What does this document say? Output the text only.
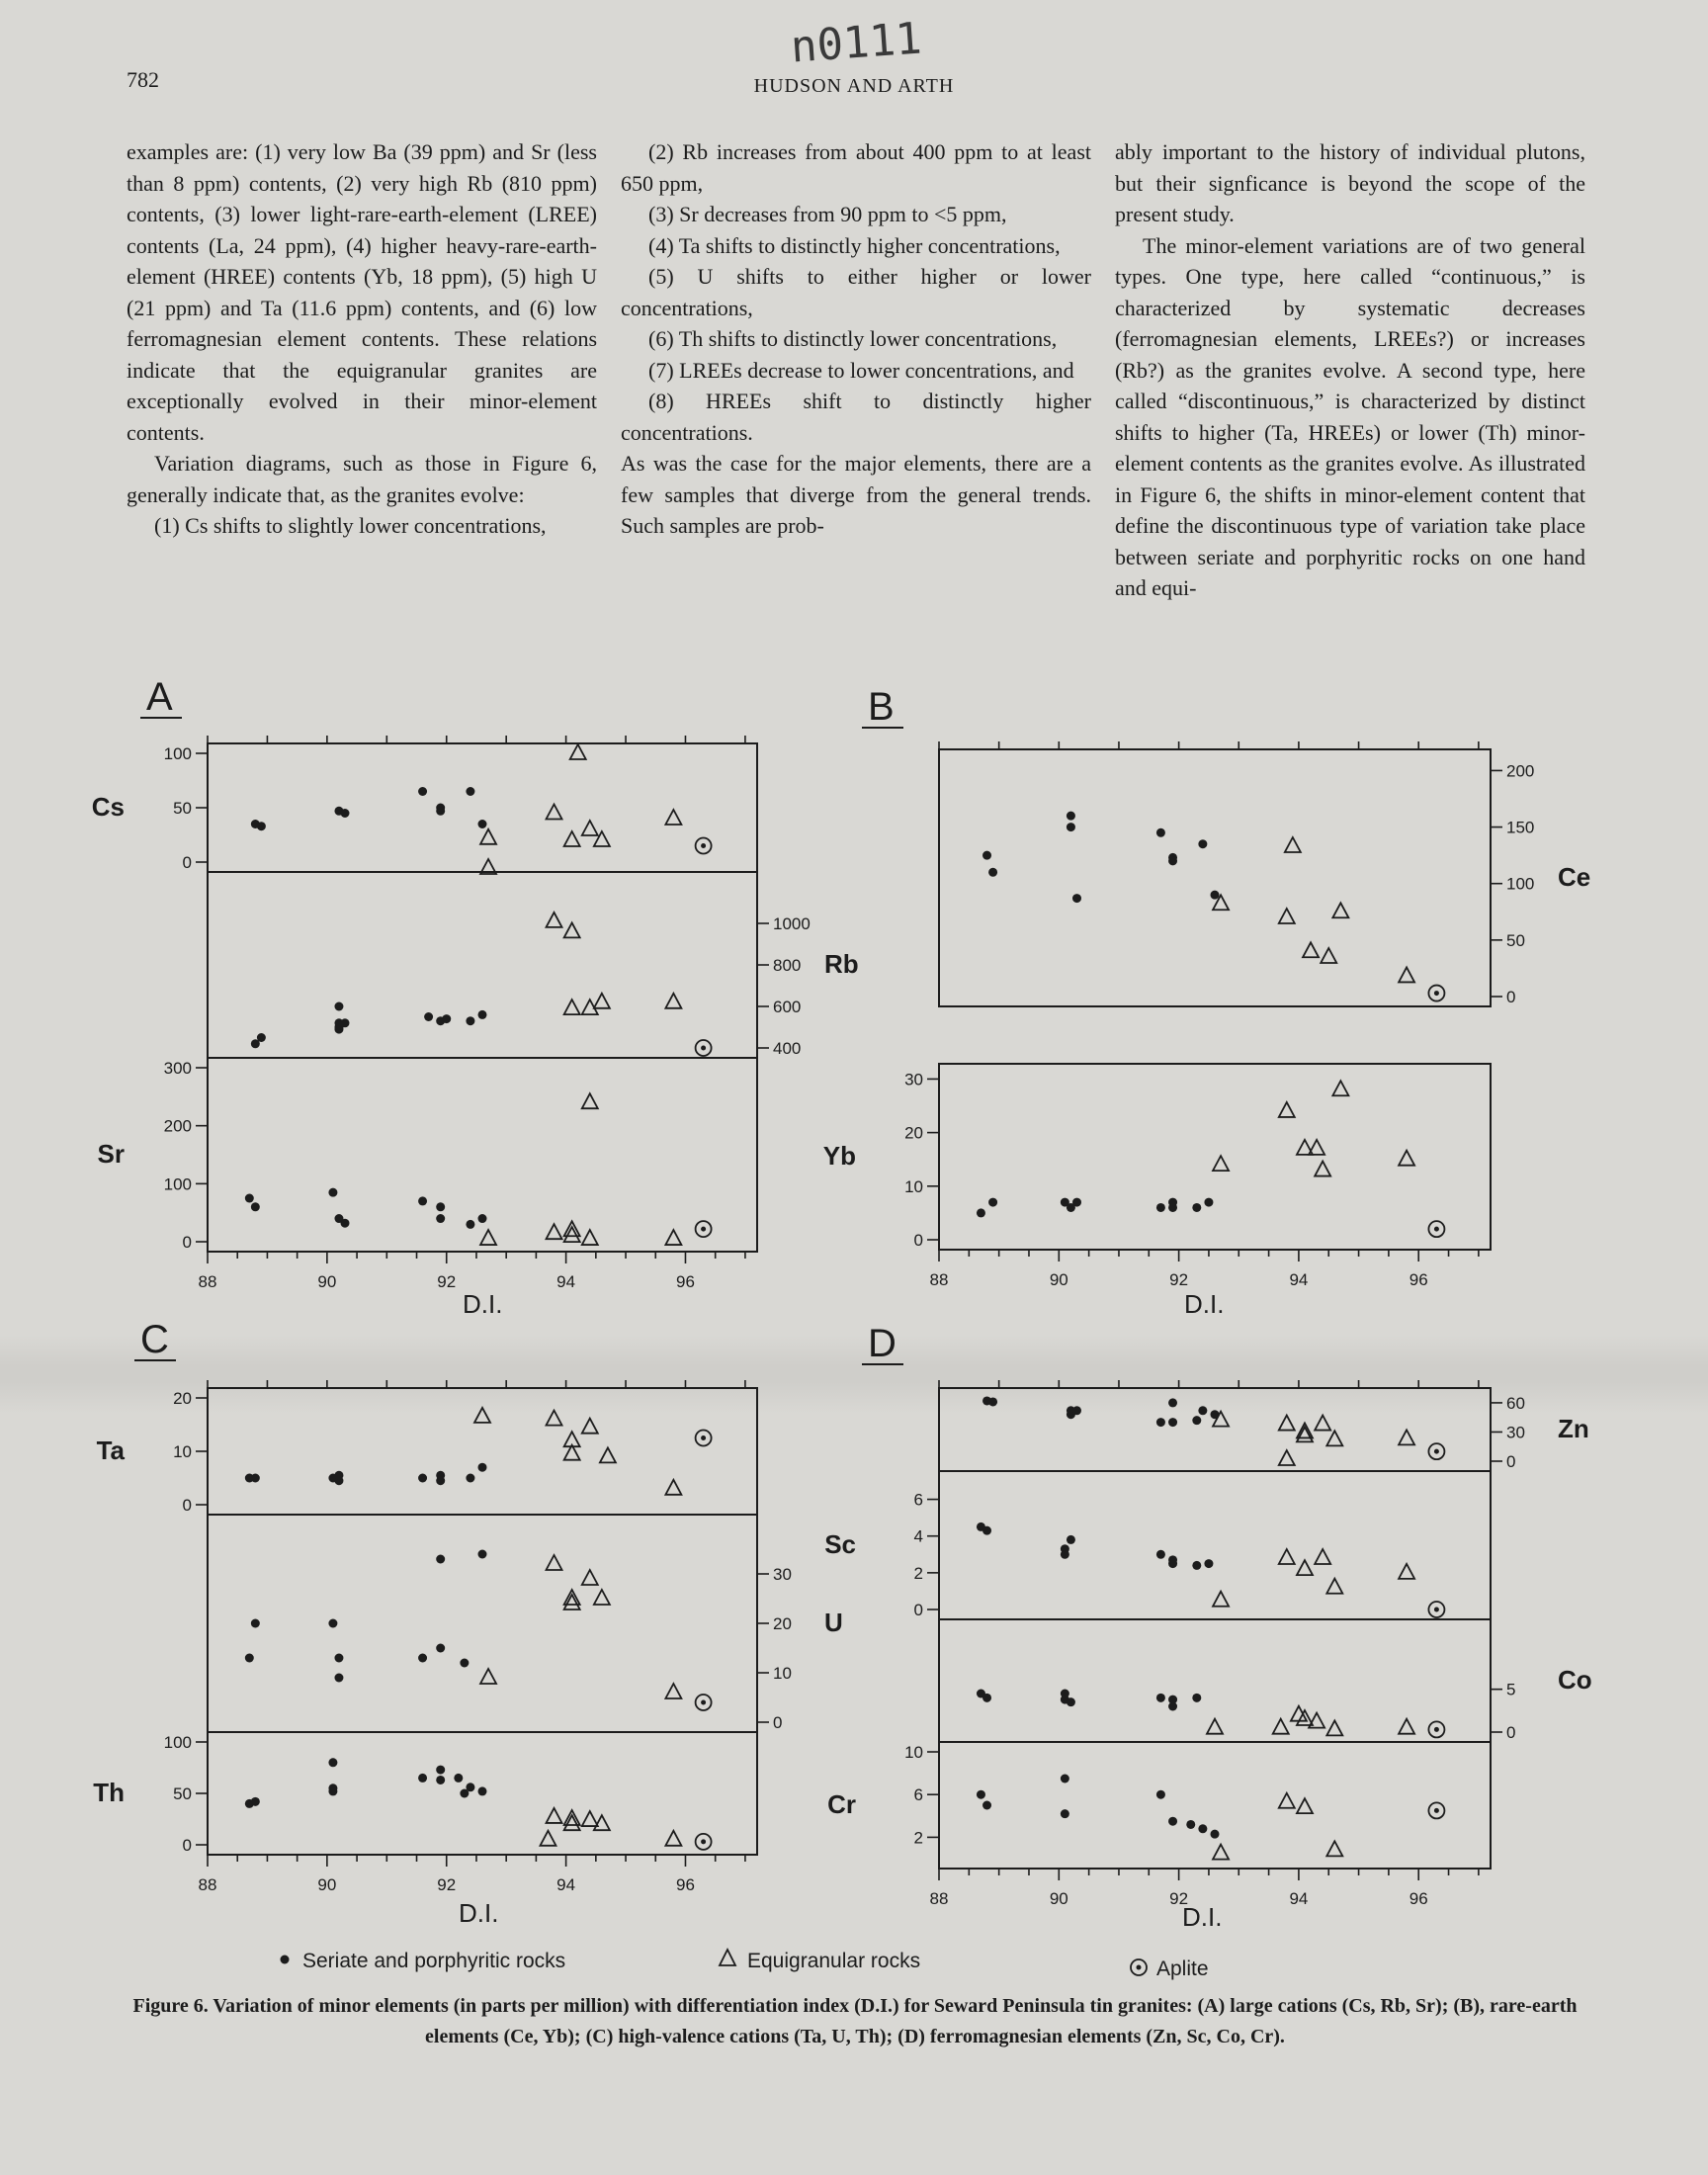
n0111
782	HUDSON AND ARTH

examples are: (1) very low Ba (39 ppm) and Sr (less than 8 ppm) contents, (2) very high Rb (810 ppm) contents, (3) lower light-rare-earth-element (LREE) contents (La, 24 ppm), (4) higher heavy-rare-earth-element (HREE) contents (Yb, 18 ppm), (5) high U (21 ppm) and Ta (11.6 ppm) contents, and (6) low ferromagnesian element contents. These relations indicate that the equigranular granites are exceptionally evolved in their minor-element contents.

Variation diagrams, such as those in Figure 6, generally indicate that, as the granites evolve:

(1) Cs shifts to slightly lower concentrations,

(2) Rb increases from about 400 ppm to at least 650 ppm,

(3) Sr decreases from 90 ppm to <5 ppm,

(4) Ta shifts to distinctly higher concentrations,

(5) U shifts to either higher or lower concentrations,

(6) Th shifts to distinctly lower concentrations,

(7) LREEs decrease to lower concentrations, and

(8) HREEs shift to distinctly higher concentrations.

As was the case for the major elements, there are a few samples that diverge from the general trends. Such samples are prob-

ably important to the history of individual plutons, but their signficance is beyond the scope of the present study.

The minor-element variations are of two general types. One type, here called “continuous,” is characterized by systematic decreases (ferromagnesian elements, LREEs?) or increases (Rb?) as the granites evolve. A second type, here called “discontinuous,” is characterized by distinct shifts to higher (Ta, HREEs) or lower (Th) minor-element contents as the granites evolve. As illustrated in Figure 6, the shifts in minor-element content that define the discontinuous type of variation take place between seriate and porphyritic rocks on one hand and equi-

A
88	90	92	94	96
D.I.
0
50
100
Cs
400
600
800
1000
Rb
0
100
200
300
Sr
B
88	90	92	94	96
D.I.
0
50
100
150
200
Ce
0
10
20
30
Yb
C
88	90	92	94	96
D.I.
0
10
20
Ta
0
10
20
30
U
0
50
100
Th
D
88	90	92	94	96
D.I.
0
30
60
Zn
0
2
4
6
Sc
0
5 Co
2
6
10
Cr
Seriate and porphyritic rocks	Equigranular rocks	Aplite
Figure 6. Variation of minor elements (in parts per million) with differentiation index (D.I.) for Seward Peninsula tin granites: (A) large cations (Cs, Rb, Sr); (B), rare-earth elements (Ce, Yb); (C) high-valence cations (Ta, U, Th); (D) ferromagnesian elements (Zn, Sc, Co, Cr).
